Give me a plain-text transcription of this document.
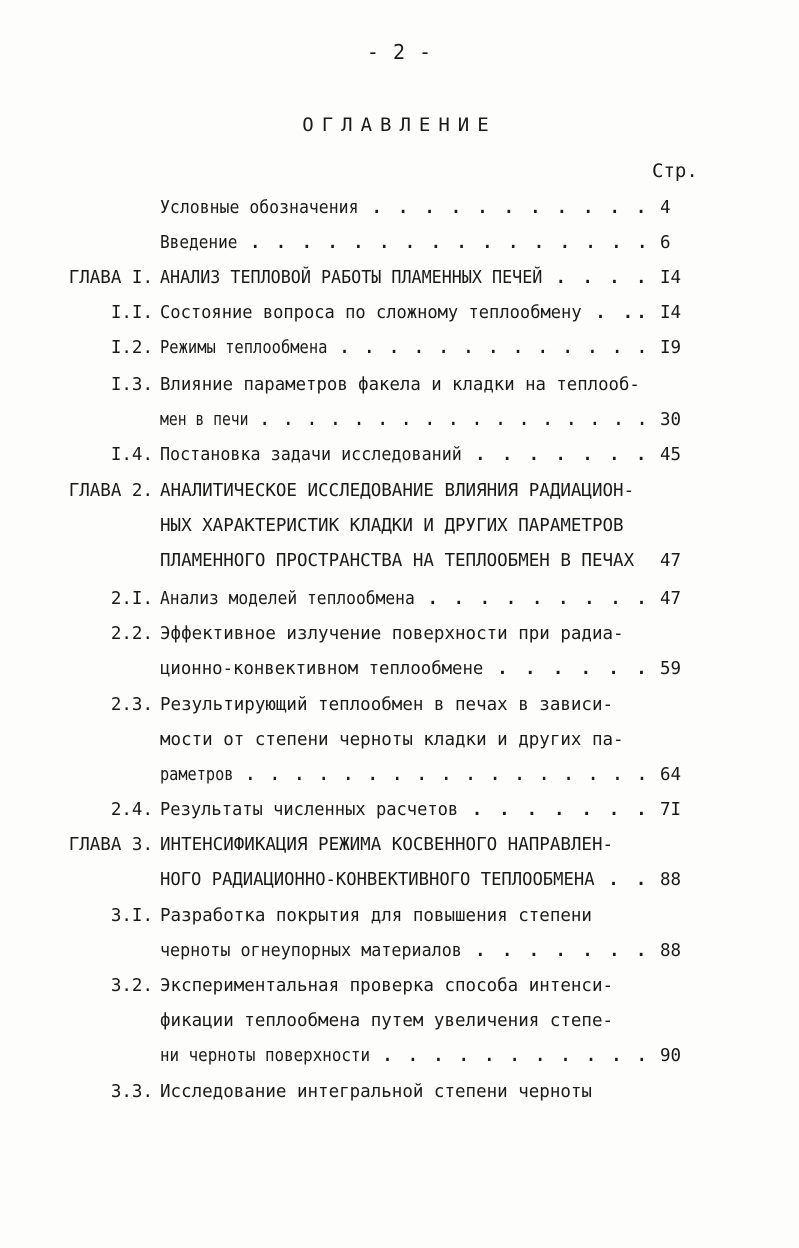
- 2 -
ОГЛАВЛЕНИЕ
Стр.
Условные обозначения . . . . . . . . . . . 4
Введение . . . . . . . . . . . . . . . . 6
ГЛАВА I. АНАЛИЗ ТЕПЛОВОЙ РАБОТЫ ПЛАМЕННЫХ ПЕЧЕЙ . . . . I4
I.I. Состояние вопроса по сложному теплообмену . .. I4
I.2. Режимы теплообмена . . . . . . . . . . . . . I9
I.3. Влияние параметров факела и кладки на теплооб-
мен в печи . . . . . . . . . . . . . . . . . 30
I.4. Постановка задачи исследований . . . . . . . 45
ГЛАВА 2. АНАЛИТИЧЕСКОЕ ИССЛЕДОВАНИЕ ВЛИЯНИЯ РАДИАЦИОН-
НЫХ ХАРАКТЕРИСТИК КЛАДКИ И ДРУГИХ ПАРАМЕТРОВ
ПЛАМЕННОГО ПРОСТРАНСТВА НА ТЕПЛООБМЕН В ПЕЧАХ 47
2.I. Анализ моделей теплообмена . . . . . . . . . 47
2.2. Эффективное излучение поверхности при радиа-
ционно-конвективном теплообмене . . . . . . 59
2.3. Результирующий теплообмен в печах в зависи-
мости от степени черноты кладки и других па-
раметров . . . . . . . . . . . . . . . . . 64
2.4. Результаты численных расчетов . . . . . . . 7I
ГЛАВА 3. ИНТЕНСИФИКАЦИЯ РЕЖИМА КОСВЕННОГО НАПРАВЛЕН-
НОГО РАДИАЦИОННО-КОНВЕКТИВНОГО ТЕПЛООБМЕНА . . 88
3.I. Разработка покрытия для повышения степени
черноты огнеупорных материалов . . . . . . . 88
3.2. Экспериментальная проверка способа интенси-
фикации теплообмена путем увеличения степе-
ни черноты поверхности . . . . . . . . . . . 90
3.3. Исследование интегральной степени черноты
